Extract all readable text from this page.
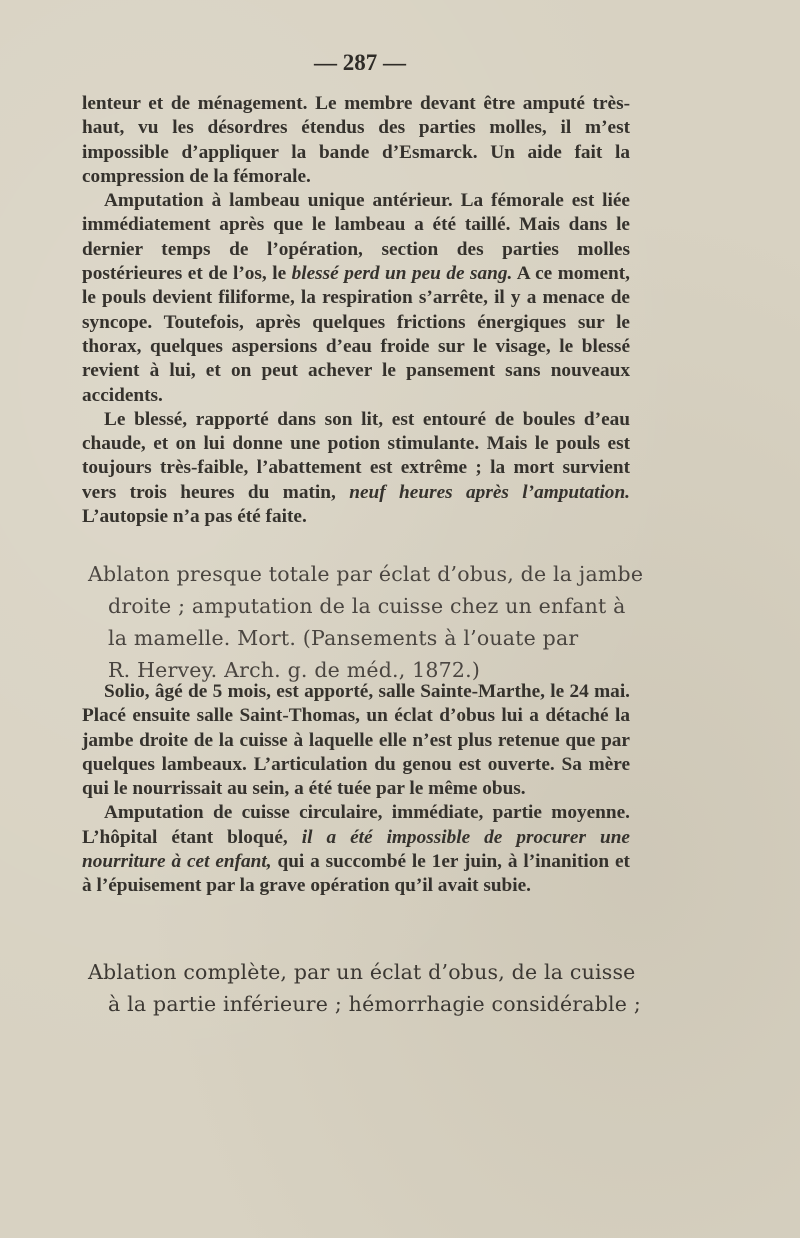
— 287 —

lenteur et de ménagement. Le membre devant être amputé très-haut, vu les désordres étendus des parties molles, il m’est impossible d’appliquer la bande d’Esmarck. Un aide fait la compression de la fémorale.

Amputation à lambeau unique antérieur. La fémorale est liée immédiatement après que le lambeau a été taillé. Mais dans le dernier temps de l’opération, section des parties molles postérieures et de l’os, le blessé perd un peu de sang. A ce moment, le pouls devient filiforme, la respiration s’arrête, il y a menace de syncope. Toutefois, après quelques frictions énergiques sur le thorax, quelques aspersions d’eau froide sur le visage, le blessé revient à lui, et on peut achever le pansement sans nouveaux accidents.

Le blessé, rapporté dans son lit, est entouré de boules d’eau chaude, et on lui donne une potion stimulante. Mais le pouls est toujours très-faible, l’abattement est extrême ; la mort survient vers trois heures du matin, neuf heures après l’amputation. L’autopsie n’a pas été faite.

Ablaton presque totale par éclat d’obus, de la jambe
droite ; amputation de la cuisse chez un enfant à
la mamelle. Mort. (Pansements à l’ouate par
R. Hervey. Arch. g. de méd., 1872.)

Solio, âgé de 5 mois, est apporté, salle Sainte-Marthe, le 24 mai. Placé ensuite salle Saint-Thomas, un éclat d’obus lui a détaché la jambe droite de la cuisse à laquelle elle n’est plus retenue que par quelques lambeaux. L’articulation du genou est ouverte. Sa mère qui le nourrissait au sein, a été tuée par le même obus.

Amputation de cuisse circulaire, immédiate, partie moyenne. L’hôpital étant bloqué, il a été impossible de procurer une nourriture à cet enfant, qui a succombé le 1er juin, à l’inanition et à l’épuisement par la grave opération qu’il avait subie.

Ablation complète, par un éclat d’obus, de la cuisse
à la partie inférieure ; hémorrhagie considérable ;
